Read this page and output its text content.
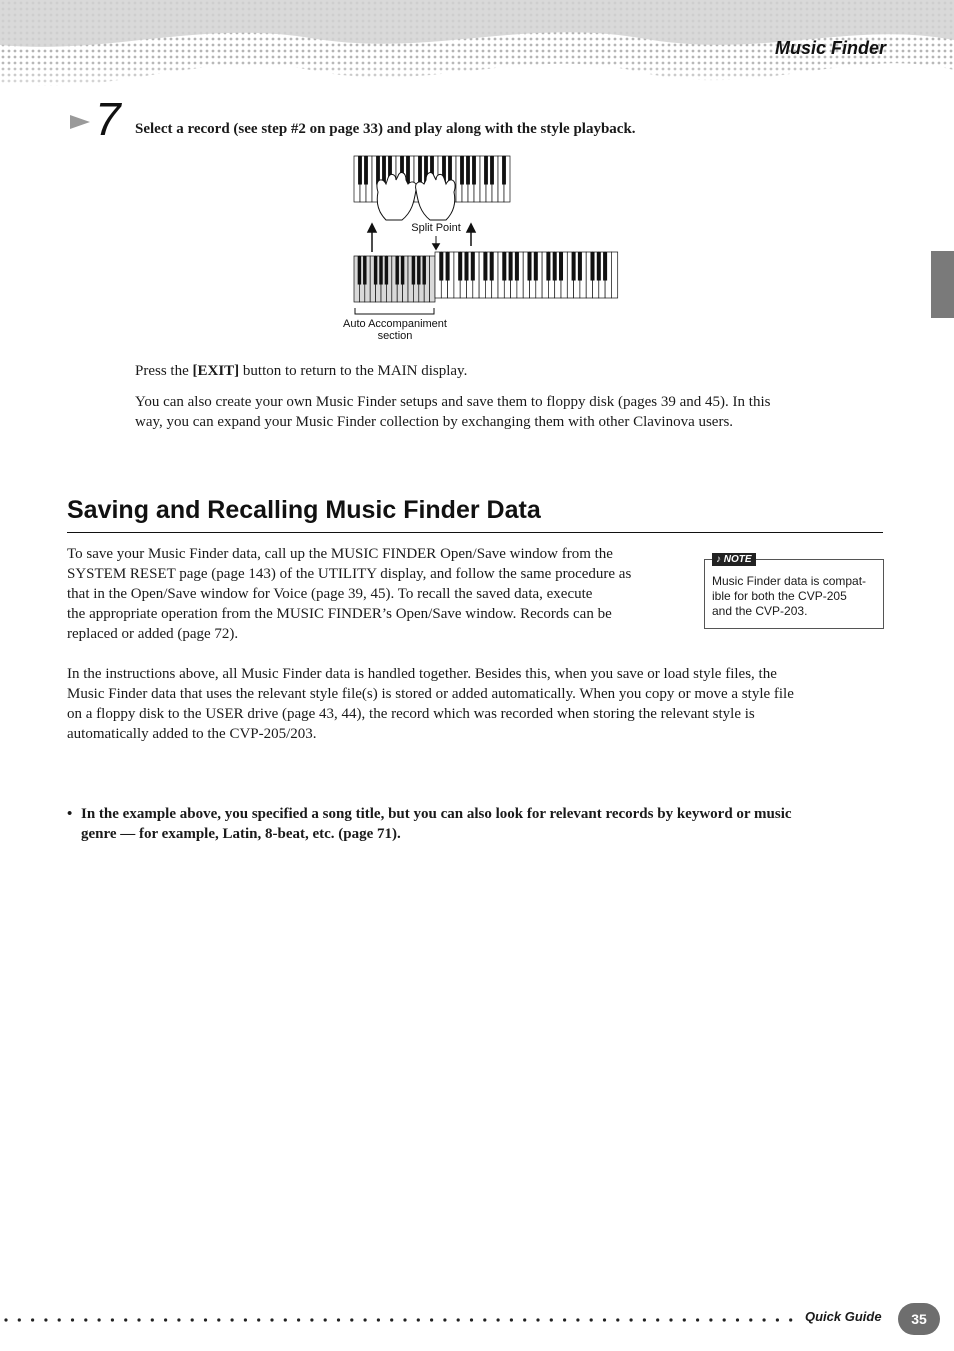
Music Finder
7 Select a record (see step #2 on page 33) and play along with the style playback.
Split Point
Auto Accompaniment
section
Press the [EXIT] button to return to the MAIN display.
You can also create your own Music Finder setups and save them to floppy disk (pages 39 and 45). In this
way, you can expand your Music Finder collection by exchanging them with other Clavinova users.
Saving and Recalling Music Finder Data
To save your Music Finder data, call up the MUSIC FINDER Open/Save window from the
SYSTEM RESET page (page 143) of the UTILITY display, and follow the same procedure as
that in the Open/Save window for Voice (page 39, 45). To recall the saved data, execute
the appropriate operation from the MUSIC FINDER’s Open/Save window. Records can be
replaced or added (page 72).
♪ NOTE
Music Finder data is compat-
ible for both the CVP-205
and the CVP-203.
In the instructions above, all Music Finder data is handled together. Besides this, when you save or load style files, the
Music Finder data that uses the relevant style file(s) is stored or added automatically. When you copy or move a style file
on a floppy disk to the USER drive (page 43, 44), the record which was recorded when storing the relevant style is
automatically added to the CVP-205/203.
• In the example above, you specified a song title, but you can also look for relevant records by keyword or music
genre — for example, Latin, 8-beat, etc. (page 71).
Quick Guide	35
